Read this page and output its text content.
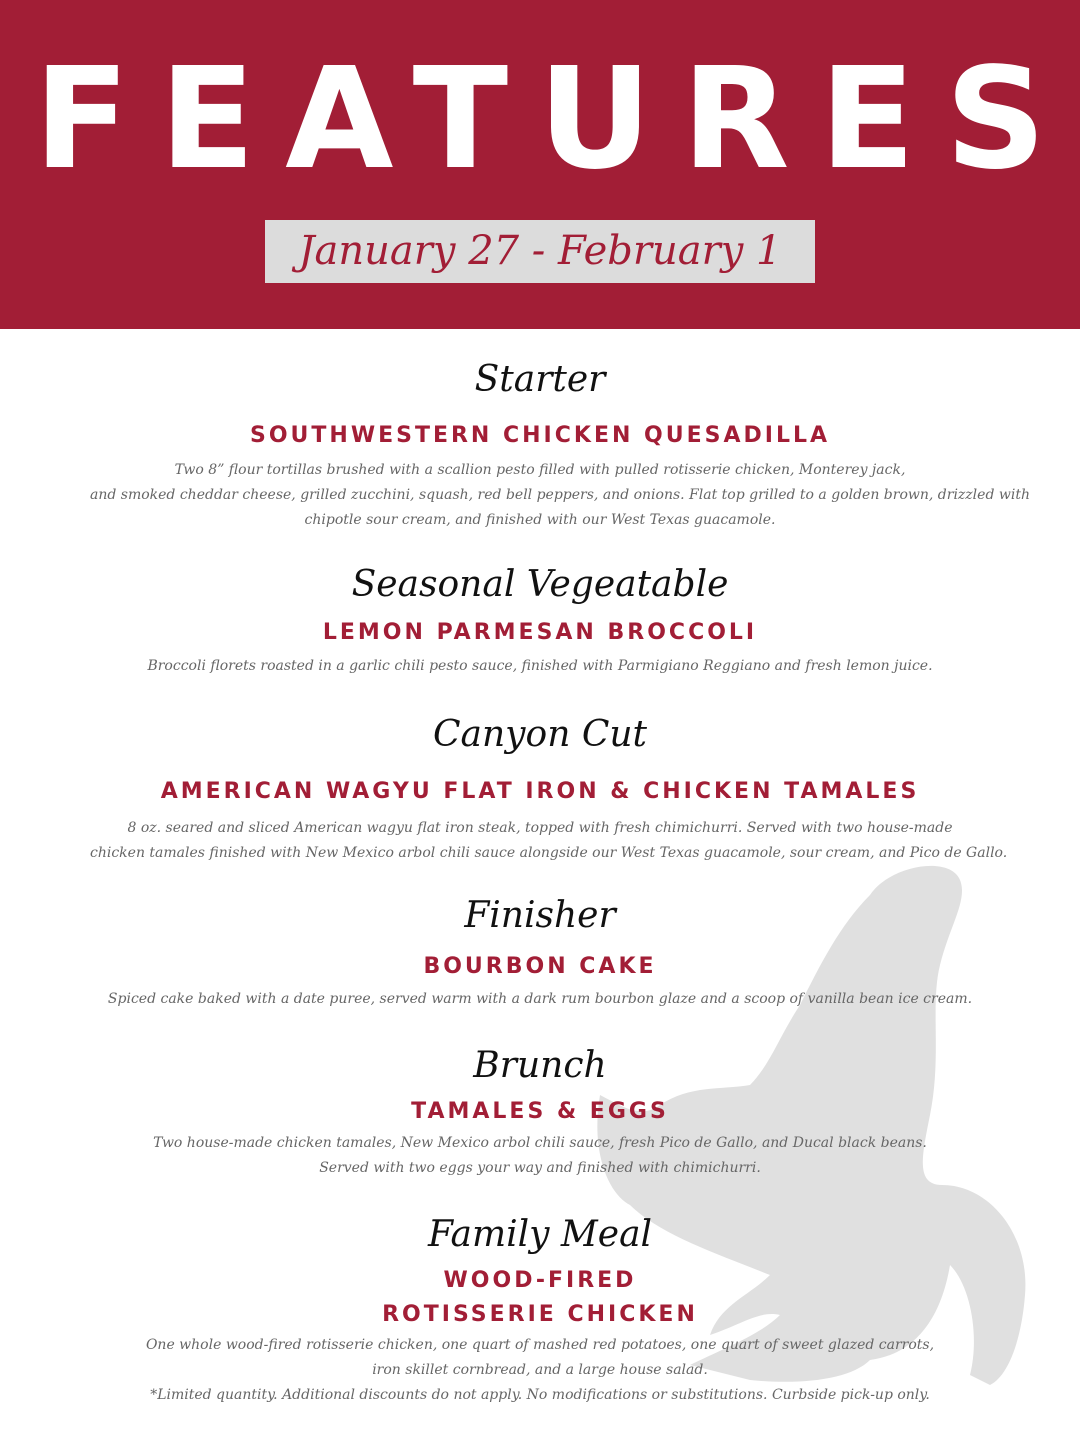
FEATURES
January 27 - February 1
Starter
SOUTHWESTERN CHICKEN QUESADILLA
Two 8” flour tortillas brushed with a scallion pesto filled with pulled rotisserie chicken, Monterey jack,
and smoked cheddar cheese, grilled zucchini, squash, red bell peppers, and onions. Flat top grilled to a golden brown, drizzled with
chipotle sour cream, and finished with our West Texas guacamole.
Seasonal Vegeatable
LEMON PARMESAN BROCCOLI
Broccoli florets roasted in a garlic chili pesto sauce, finished with Parmigiano Reggiano and fresh lemon juice.
Canyon Cut
AMERICAN WAGYU FLAT IRON & CHICKEN TAMALES
8 oz. seared and sliced American wagyu flat iron steak, topped with fresh chimichurri. Served with two house-made
chicken tamales finished with New Mexico arbol chili sauce alongside our West Texas guacamole, sour cream, and Pico de Gallo.
Finisher
BOURBON CAKE
Spiced cake baked with a date puree, served warm with a dark rum bourbon glaze and a scoop of vanilla bean ice cream.
Brunch
TAMALES & EGGS
Two house-made chicken tamales, New Mexico arbol chili sauce, fresh Pico de Gallo, and Ducal black beans.
Served with two eggs your way and finished with chimichurri.
Family Meal
WOOD-FIRED
ROTISSERIE CHICKEN
One whole wood-fired rotisserie chicken, one quart of mashed red potatoes, one quart of sweet glazed carrots,
iron skillet cornbread, and a large house salad.
*Limited quantity. Additional discounts do not apply. No modifications or substitutions. Curbside pick-up only.
